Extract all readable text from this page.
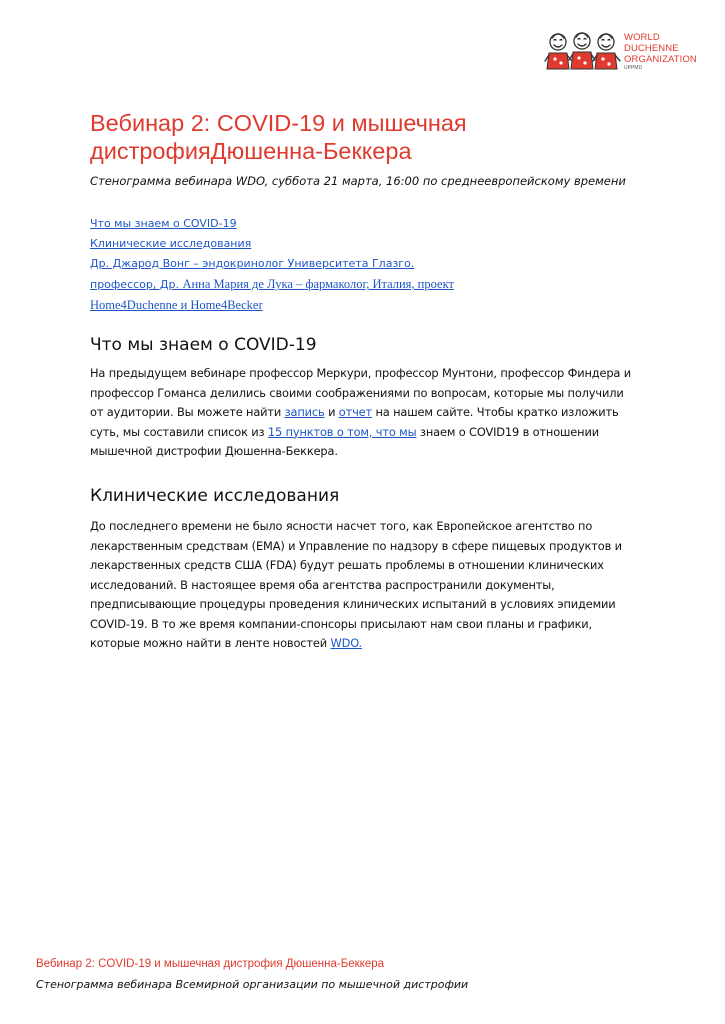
WORLD
DUCHENNE
ORGANIZATION
UPPMD
Вебинар 2: COVID-19 и мышечная
дистрофияДюшенна-Беккера
Стенограмма вебинара WDO, суббота 21 марта, 16:00 по среднеевропейскому времени
Что мы знаем о COVID-19
Клинические исследования
Др. Джарод Вонг – эндокринолог Университета Глазго.
профессор, Др. Анна Мария де Лука – фармаколог, Италия, проект
Home4Duchenne и Home4Becker
Что мы знаем о COVID-19

На предыдущем вебинаре профессор Меркури, профессор Мунтони, профессор Финдера и профессор Гоманса делились своими соображениями по вопросам, которые мы получили от аудитории. Вы можете найти запись и отчет на нашем сайте. Чтобы кратко изложить суть, мы составили список из 15 пунктов о том, что мы знаем о COVID19 в отношении мышечной дистрофии Дюшенна-Беккера.

Клинические исследования

До последнего времени не было ясности насчет того, как Европейское агентство по лекарственным средствам (EMA) и Управление по надзору в сфере пищевых продуктов и лекарственных средств США (FDA) будут решать проблемы в отношении клинических исследований. В настоящее время оба агентства распространили документы, предписывающие процедуры проведения клинических испытаний в условиях эпидемии COVID-19. В то же время компании-спонсоры присылают нам свои планы и графики, которые можно найти в ленте новостей WDO.

Вебинар 2: COVID-19 и мышечная дистрофия Дюшенна-Беккера
Стенограмма вебинара Всемирной организации по мышечной дистрофии
